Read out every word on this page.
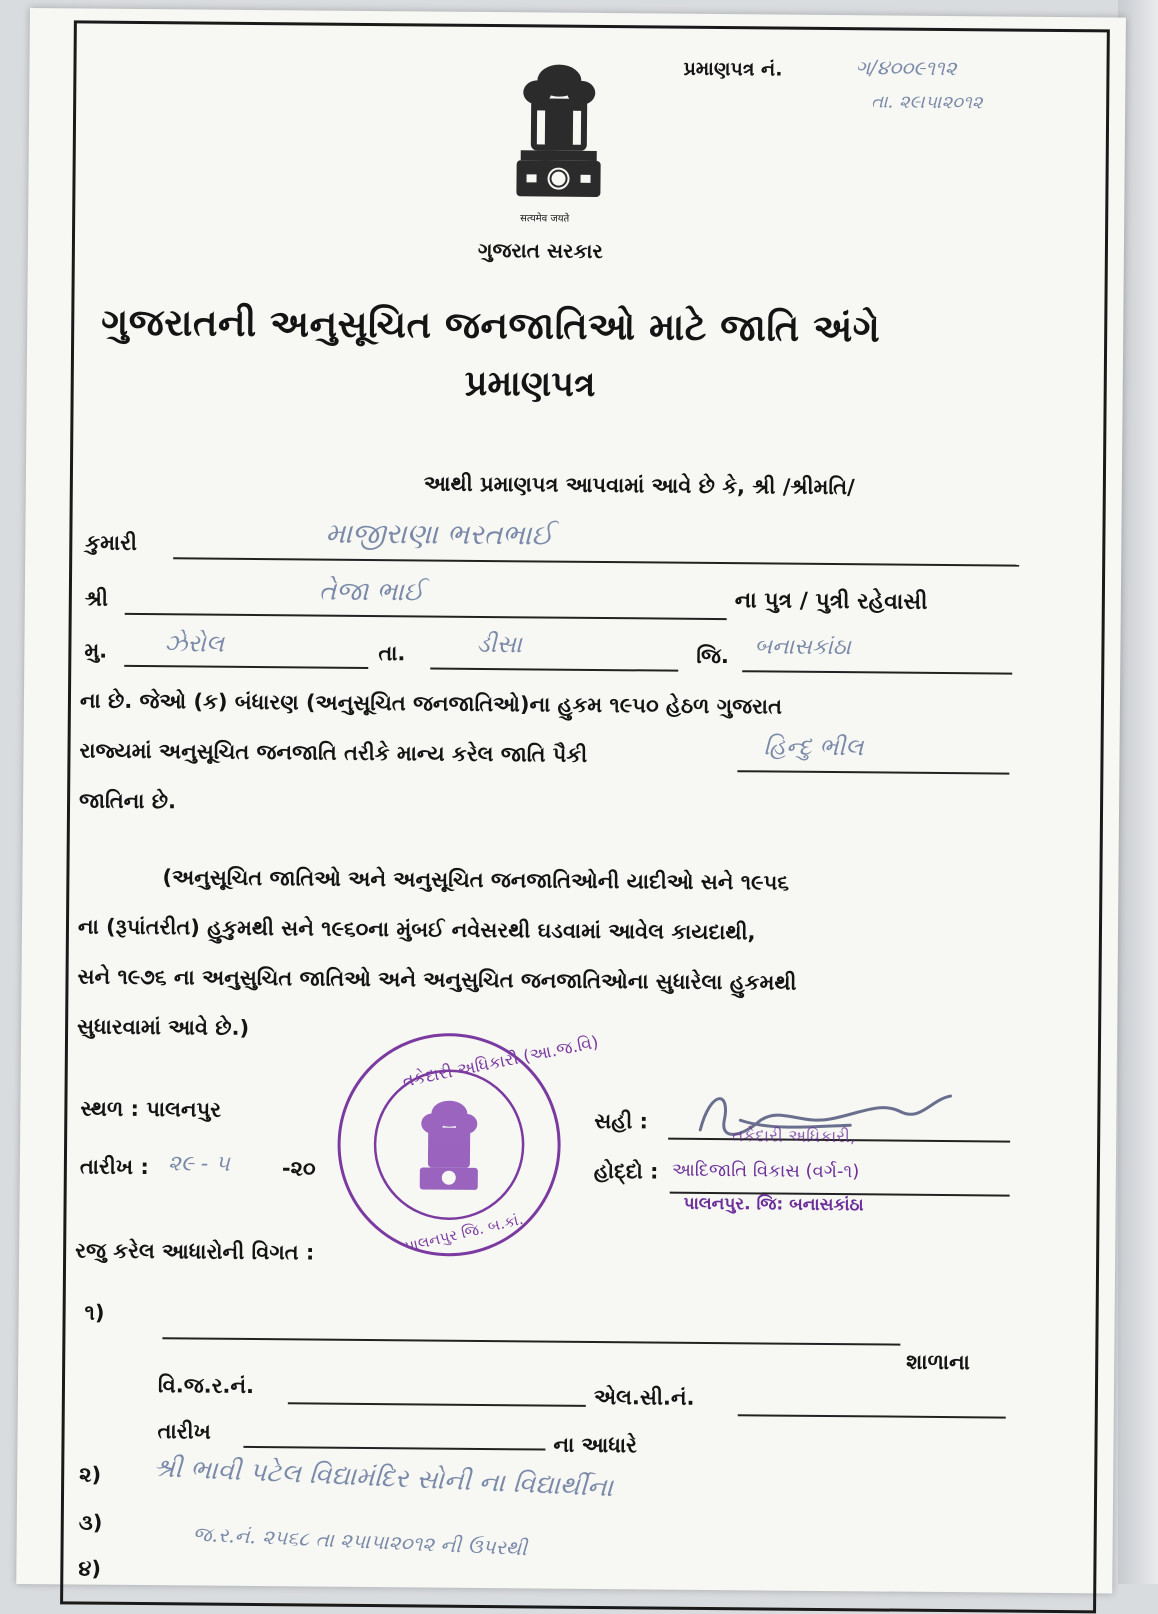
પ્રમાણપત્ર નં.	ગ/૪૦૦૯૧૧૨
તા. ૨૯।૫।૨૦૧૨
सत्यमेव जयते
ગુજરાત સરકાર
ગુજરાતની અનુસૂચિત જનજાતિઓ માટે જાતિ અંગે
પ્રમાણપત્ર
આથી પ્રમાણપત્ર આપવામાં આવે છે કે, શ્રી /શ્રીમતિ/
કુમારી	માજીરાણા ભરતભાઈ
શ્રી	તેજા ભાઈ	ના પુત્ર / પુત્રી રહેવાસી
મુ. ઝેરોલ	તા.	ડીસા	જિ. બનાસકાંઠા
ના છે. જેઓ (ક) બંધારણ (અનુસૂચિત જનજાતિઓ)ના હુકમ ૧૯૫૦ હેઠળ ગુજરાત
રાજ્યમાં અનુસૂચિત જનજાતિ તરીકે માન્ય કરેલ જાતિ પૈકી	હિન્દુ ભીલ
જાતિના છે.
(અનુસૂચિત જાતિઓ અને અનુસૂચિત જનજાતિઓની યાદીઓ સને ૧૯૫૬
ના (રૂપાંતરીત) હુકુમથી સને ૧૯૬૦ના મુંબઈ નવેસરથી ઘડવામાં આવેલ કાયદાથી,
સને ૧૯૭૬ ના અનુસુચિત જાતિઓ અને અનુસુચિત જનજાતિઓના સુધારેલા હુકમથી
સુધારવામાં આવે છે.)
તકેદારી અધિકારી (આ.જ.વિ)
પાલનપુર જિ. બ.કાં.
સ્થળ : પાલનપુર
તારીખ : ૨૯ - ૫ -૨૦
સહી :
તકેદારી અધિકારી,
હોદ્દો : આદિજાતિ વિકાસ (વર્ગ-૧)
પાલનપુર. જિ: બનાસકાંઠા
રજુ કરેલ આધારોની વિગત :
૧)
શાળાના
વિ.જ.ર.નં.	એલ.સી.નં.
તારીખ
ના આધારે
૨)
૩)
૪)
શ્રી ભાવી પટેલ વિદ્યામંદિર સોની ના વિદ્યાર્થીના
જ.ર.નં. ૨૫૬૮ તા ૨૫।૫।૨૦૧૨ ની ઉપરથી
